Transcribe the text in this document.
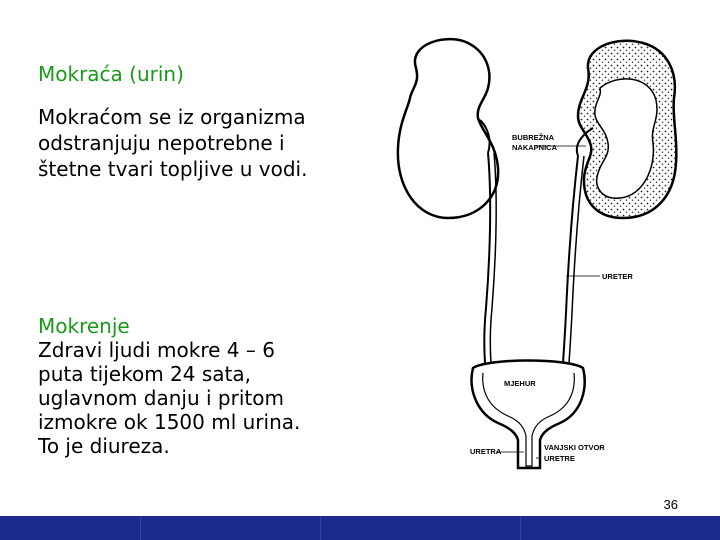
Mokraća (urin)
Mokraćom se iz organizma odstranjuju nepotrebne i štetne tvari topljive u vodi.
Mokrenje
Zdravi ljudi mokre 4 – 6
puta tijekom 24 sata,
uglavnom danju i pritom
izmokre ok 1500 ml urina.
To je diureza.
BUBREŽNA
NAKAPNICA
URETER
MJEHUR
URETRA	VANJSKI OTVOR
URETRE
36
